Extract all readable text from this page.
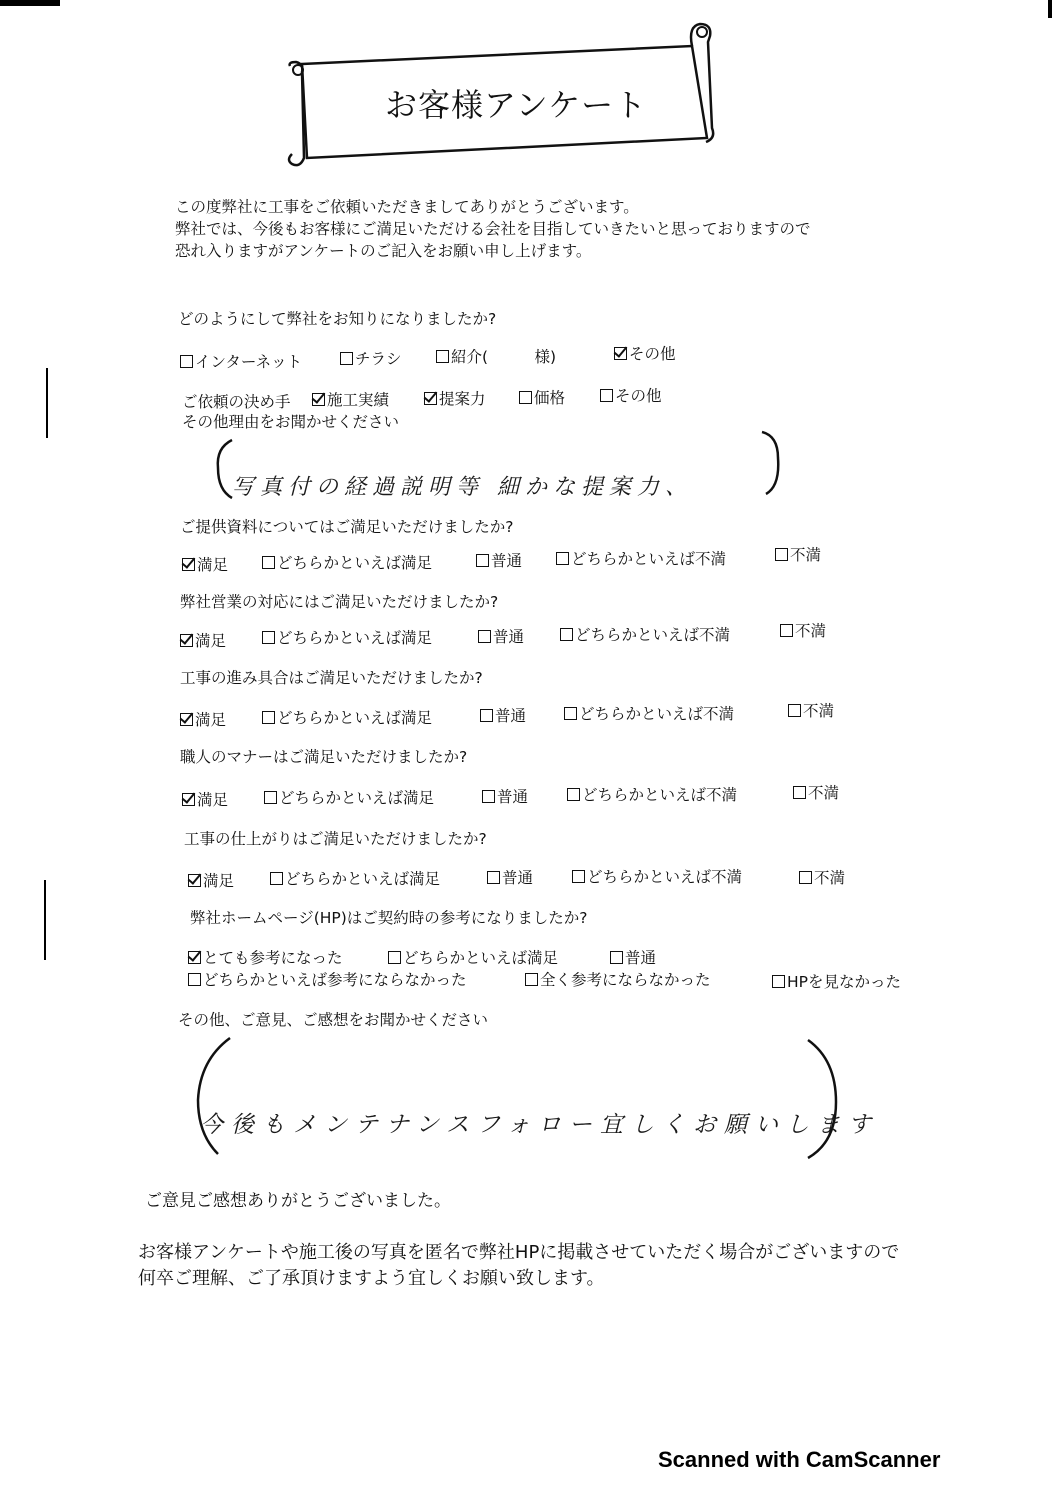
お客様アンケート
この度弊社に工事をご依頼いただきましてありがとうございます。
弊社では、今後もお客様にご満足いただける会社を目指していきたいと思っておりますので
恐れ入りますがアンケートのご記入をお願い申し上げます。
どのようにして弊社をお知りになりましたか?
インターネット	チラシ	紹介(　　　様)	その他
ご依頼の決め手	施工実績	提案力	価格	その他
その他理由をお聞かせください
写真付の経過説明等 細かな提案力、
ご提供資料についてはご満足いただけましたか?
満足	どちらかといえば満足	普通	どちらかといえば不満	不満
弊社営業の対応にはご満足いただけましたか?
満足	どちらかといえば満足	普通	どちらかといえば不満	不満
工事の進み具合はご満足いただけましたか?
満足	どちらかといえば満足	普通	どちらかといえば不満	不満
職人のマナーはご満足いただけましたか?
満足	どちらかといえば満足	普通	どちらかといえば不満	不満
工事の仕上がりはご満足いただけましたか?
満足	どちらかといえば満足	普通	どちらかといえば不満	不満
弊社ホームページ(HP)はご契約時の参考になりましたか?
とても参考になった	どちらかといえば満足	普通
どちらかといえば参考にならなかった	全く参考にならなかった	HPを見なかった
その他、ご意見、ご感想をお聞かせください
今後もメンテナンスフォロー宜しくお願いします
ご意見ご感想ありがとうございました。
お客様アンケートや施工後の写真を匿名で弊社HPに掲載させていただく場合がございますので
何卒ご理解、ご了承頂けますよう宜しくお願い致します。
Scanned with CamScanner
